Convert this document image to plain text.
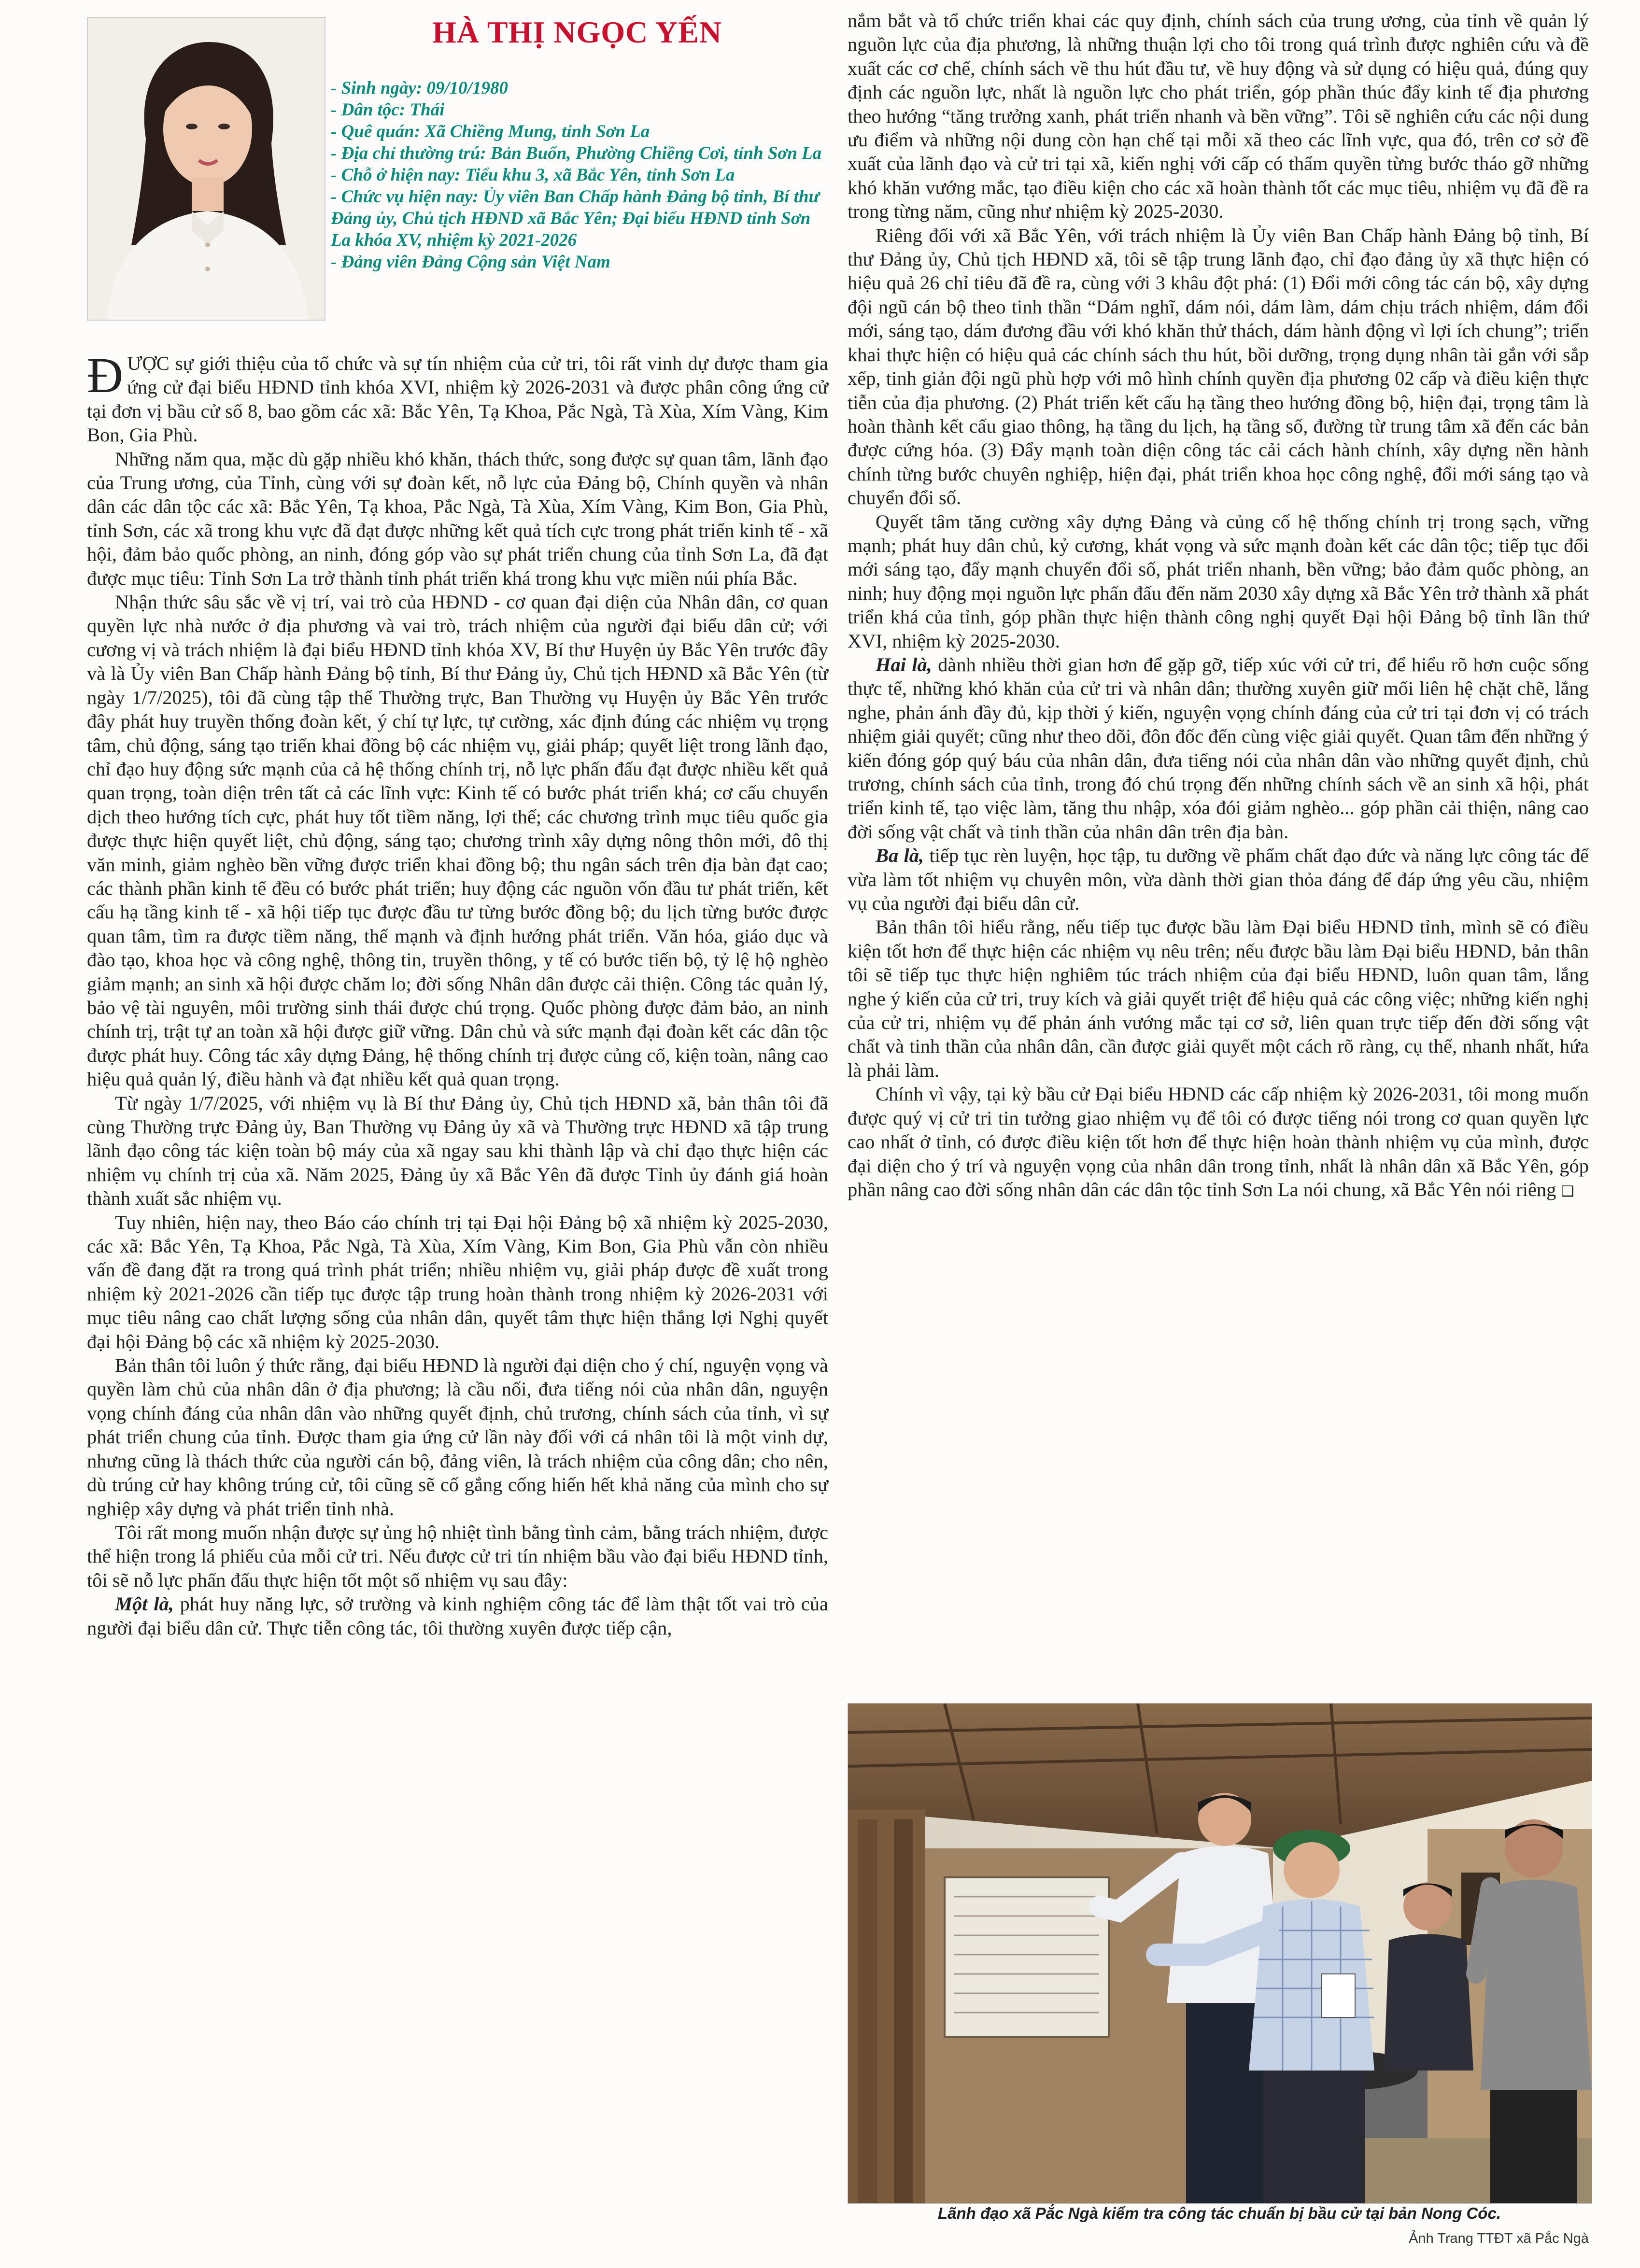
HÀ THỊ NGỌC YẾN
- Sinh ngày: 09/10/1980
- Dân tộc: Thái
- Quê quán: Xã Chiềng Mung, tỉnh Sơn La
- Địa chỉ thường trú: Bản Buổn, Phường Chiềng Cơi, tỉnh Sơn La
- Chỗ ở hiện nay: Tiểu khu 3, xã Bắc Yên, tỉnh Sơn La
- Chức vụ hiện nay: Ủy viên Ban Chấp hành Đảng bộ tỉnh, Bí thư Đảng ủy, Chủ tịch HĐND xã Bắc Yên; Đại biểu HĐND tỉnh Sơn La khóa XV, nhiệm kỳ 2021-2026
- Đảng viên Đảng Cộng sản Việt Nam

ĐƯỢC sự giới thiệu của tổ chức và sự tín nhiệm của cử tri, tôi rất vinh dự được tham gia ứng cử đại biểu HĐND tỉnh khóa XVI, nhiệm kỳ 2026-2031 và được phân công ứng cử tại đơn vị bầu cử số 8, bao gồm các xã: Bắc Yên, Tạ Khoa, Pắc Ngà, Tà Xùa, Xím Vàng, Kim Bon, Gia Phù.

Những năm qua, mặc dù gặp nhiều khó khăn, thách thức, song được sự quan tâm, lãnh đạo của Trung ương, của Tỉnh, cùng với sự đoàn kết, nỗ lực của Đảng bộ, Chính quyền và nhân dân các dân tộc các xã: Bắc Yên, Tạ khoa, Pắc Ngà, Tà Xùa, Xím Vàng, Kim Bon, Gia Phù, tỉnh Sơn, các xã trong khu vực đã đạt được những kết quả tích cực trong phát triển kinh tế - xã hội, đảm bảo quốc phòng, an ninh, đóng góp vào sự phát triển chung của tỉnh Sơn La, đã đạt được mục tiêu: Tỉnh Sơn La trở thành tỉnh phát triển khá trong khu vực miền núi phía Bắc.

Nhận thức sâu sắc về vị trí, vai trò của HĐND - cơ quan đại diện của Nhân dân, cơ quan quyền lực nhà nước ở địa phương và vai trò, trách nhiệm của người đại biểu dân cử; với cương vị và trách nhiệm là đại biểu HĐND tỉnh khóa XV, Bí thư Huyện ủy Bắc Yên trước đây và là Ủy viên Ban Chấp hành Đảng bộ tỉnh, Bí thư Đảng ủy, Chủ tịch HĐND xã Bắc Yên (từ ngày 1/7/2025), tôi đã cùng tập thể Thường trực, Ban Thường vụ Huyện ủy Bắc Yên trước đây phát huy truyền thống đoàn kết, ý chí tự lực, tự cường, xác định đúng các nhiệm vụ trọng tâm, chủ động, sáng tạo triển khai đồng bộ các nhiệm vụ, giải pháp; quyết liệt trong lãnh đạo, chỉ đạo huy động sức mạnh của cả hệ thống chính trị, nỗ lực phấn đấu đạt được nhiều kết quả quan trọng, toàn diện trên tất cả các lĩnh vực: Kinh tế có bước phát triển khá; cơ cấu chuyển dịch theo hướng tích cực, phát huy tốt tiềm năng, lợi thế; các chương trình mục tiêu quốc gia được thực hiện quyết liệt, chủ động, sáng tạo; chương trình xây dựng nông thôn mới, đô thị văn minh, giảm nghèo bền vững được triển khai đồng bộ; thu ngân sách trên địa bàn đạt cao; các thành phần kinh tế đều có bước phát triển; huy động các nguồn vốn đầu tư phát triển, kết cấu hạ tầng kinh tế - xã hội tiếp tục được đầu tư từng bước đồng bộ; du lịch từng bước được quan tâm, tìm ra được tiềm năng, thế mạnh và định hướng phát triển. Văn hóa, giáo dục và đào tạo, khoa học và công nghệ, thông tin, truyền thông, y tế có bước tiến bộ, tỷ lệ hộ nghèo giảm mạnh; an sinh xã hội được chăm lo; đời sống Nhân dân được cải thiện. Công tác quản lý, bảo vệ tài nguyên, môi trường sinh thái được chú trọng. Quốc phòng được đảm bảo, an ninh chính trị, trật tự an toàn xã hội được giữ vững. Dân chủ và sức mạnh đại đoàn kết các dân tộc được phát huy. Công tác xây dựng Đảng, hệ thống chính trị được củng cố, kiện toàn, nâng cao hiệu quả quản lý, điều hành và đạt nhiều kết quả quan trọng.

Từ ngày 1/7/2025, với nhiệm vụ là Bí thư Đảng ủy, Chủ tịch HĐND xã, bản thân tôi đã cùng Thường trực Đảng ủy, Ban Thường vụ Đảng ủy xã và Thường trực HĐND xã tập trung lãnh đạo công tác kiện toàn bộ máy của xã ngay sau khi thành lập và chỉ đạo thực hiện các nhiệm vụ chính trị của xã. Năm 2025, Đảng ủy xã Bắc Yên đã được Tỉnh ủy đánh giá hoàn thành xuất sắc nhiệm vụ.

Tuy nhiên, hiện nay, theo Báo cáo chính trị tại Đại hội Đảng bộ xã nhiệm kỳ 2025-2030, các xã: Bắc Yên, Tạ Khoa, Pắc Ngà, Tà Xùa, Xím Vàng, Kim Bon, Gia Phù vẫn còn nhiều vấn đề đang đặt ra trong quá trình phát triển; nhiều nhiệm vụ, giải pháp được đề xuất trong nhiệm kỳ 2021-2026 cần tiếp tục được tập trung hoàn thành trong nhiệm kỳ 2026-2031 với mục tiêu nâng cao chất lượng sống của nhân dân, quyết tâm thực hiện thắng lợi Nghị quyết đại hội Đảng bộ các xã nhiệm kỳ 2025-2030.

Bản thân tôi luôn ý thức rằng, đại biểu HĐND là người đại diện cho ý chí, nguyện vọng và quyền làm chủ của nhân dân ở địa phương; là cầu nối, đưa tiếng nói của nhân dân, nguyện vọng chính đáng của nhân dân vào những quyết định, chủ trương, chính sách của tỉnh, vì sự phát triển chung của tỉnh. Được tham gia ứng cử lần này đối với cá nhân tôi là một vinh dự, nhưng cũng là thách thức của người cán bộ, đảng viên, là trách nhiệm của công dân; cho nên, dù trúng cử hay không trúng cử, tôi cũng sẽ cố gắng cống hiến hết khả năng của mình cho sự nghiệp xây dựng và phát triển tỉnh nhà.

Tôi rất mong muốn nhận được sự ủng hộ nhiệt tình bằng tình cảm, bằng trách nhiệm, được thể hiện trong lá phiếu của mỗi cử tri. Nếu được cử tri tín nhiệm bầu vào đại biểu HĐND tỉnh, tôi sẽ nỗ lực phấn đấu thực hiện tốt một số nhiệm vụ sau đây:

Một là, phát huy năng lực, sở trường và kinh nghiệm công tác để làm thật tốt vai trò của người đại biểu dân cử. Thực tiễn công tác, tôi thường xuyên được tiếp cận,

nắm bắt và tổ chức triển khai các quy định, chính sách của trung ương, của tỉnh về quản lý nguồn lực của địa phương, là những thuận lợi cho tôi trong quá trình được nghiên cứu và đề xuất các cơ chế, chính sách về thu hút đầu tư, về huy động và sử dụng có hiệu quả, đúng quy định các nguồn lực, nhất là nguồn lực cho phát triển, góp phần thúc đẩy kinh tế địa phương theo hướng “tăng trưởng xanh, phát triển nhanh và bền vững”. Tôi sẽ nghiên cứu các nội dung ưu điểm và những nội dung còn hạn chế tại mỗi xã theo các lĩnh vực, qua đó, trên cơ sở đề xuất của lãnh đạo và cử tri tại xã, kiến nghị với cấp có thẩm quyền từng bước tháo gỡ những khó khăn vướng mắc, tạo điều kiện cho các xã hoàn thành tốt các mục tiêu, nhiệm vụ đã đề ra trong từng năm, cũng như nhiệm kỳ 2025-2030.

Riêng đối với xã Bắc Yên, với trách nhiệm là Ủy viên Ban Chấp hành Đảng bộ tỉnh, Bí thư Đảng ủy, Chủ tịch HĐND xã, tôi sẽ tập trung lãnh đạo, chỉ đạo đảng ủy xã thực hiện có hiệu quả 26 chỉ tiêu đã đề ra, cùng với 3 khâu đột phá: (1) Đổi mới công tác cán bộ, xây dựng đội ngũ cán bộ theo tinh thần “Dám nghĩ, dám nói, dám làm, dám chịu trách nhiệm, dám đổi mới, sáng tạo, dám đương đầu với khó khăn thử thách, dám hành động vì lợi ích chung”; triển khai thực hiện có hiệu quả các chính sách thu hút, bồi dưỡng, trọng dụng nhân tài gắn với sắp xếp, tinh giản đội ngũ phù hợp với mô hình chính quyền địa phương 02 cấp và điều kiện thực tiễn của địa phương. (2) Phát triển kết cấu hạ tầng theo hướng đồng bộ, hiện đại, trọng tâm là hoàn thành kết cấu giao thông, hạ tầng du lịch, hạ tầng số, đường từ trung tâm xã đến các bản được cứng hóa. (3) Đẩy mạnh toàn diện công tác cải cách hành chính, xây dựng nền hành chính từng bước chuyên nghiệp, hiện đại, phát triển khoa học công nghệ, đổi mới sáng tạo và chuyển đổi số.

Quyết tâm tăng cường xây dựng Đảng và củng cố hệ thống chính trị trong sạch, vững mạnh; phát huy dân chủ, kỷ cương, khát vọng và sức mạnh đoàn kết các dân tộc; tiếp tục đổi mới sáng tạo, đẩy mạnh chuyển đổi số, phát triển nhanh, bền vững; bảo đảm quốc phòng, an ninh; huy động mọi nguồn lực phấn đấu đến năm 2030 xây dựng xã Bắc Yên trở thành xã phát triển khá của tỉnh, góp phần thực hiện thành công nghị quyết Đại hội Đảng bộ tỉnh lần thứ XVI, nhiệm kỳ 2025-2030.

Hai là, dành nhiều thời gian hơn để gặp gỡ, tiếp xúc với cử tri, để hiểu rõ hơn cuộc sống thực tế, những khó khăn của cử tri và nhân dân; thường xuyên giữ mối liên hệ chặt chẽ, lắng nghe, phản ánh đầy đủ, kịp thời ý kiến, nguyện vọng chính đáng của cử tri tại đơn vị có trách nhiệm giải quyết; cũng như theo dõi, đôn đốc đến cùng việc giải quyết. Quan tâm đến những ý kiến đóng góp quý báu của nhân dân, đưa tiếng nói của nhân dân vào những quyết định, chủ trương, chính sách của tỉnh, trong đó chú trọng đến những chính sách về an sinh xã hội, phát triển kinh tế, tạo việc làm, tăng thu nhập, xóa đói giảm nghèo... góp phần cải thiện, nâng cao đời sống vật chất và tinh thần của nhân dân trên địa bàn.

Ba là, tiếp tục rèn luyện, học tập, tu dưỡng về phẩm chất đạo đức và năng lực công tác để vừa làm tốt nhiệm vụ chuyên môn, vừa dành thời gian thỏa đáng để đáp ứng yêu cầu, nhiệm vụ của người đại biểu dân cử.

Bản thân tôi hiểu rằng, nếu tiếp tục được bầu làm Đại biểu HĐND tỉnh, mình sẽ có điều kiện tốt hơn để thực hiện các nhiệm vụ nêu trên; nếu được bầu làm Đại biểu HĐND, bản thân tôi sẽ tiếp tục thực hiện nghiêm túc trách nhiệm của đại biểu HĐND, luôn quan tâm, lắng nghe ý kiến của cử tri, truy kích và giải quyết triệt để hiệu quả các công việc; những kiến nghị của cử tri, nhiệm vụ để phản ánh vướng mắc tại cơ sở, liên quan trực tiếp đến đời sống vật chất và tinh thần của nhân dân, cần được giải quyết một cách rõ ràng, cụ thể, nhanh nhất, hứa là phải làm.

Chính vì vậy, tại kỳ bầu cử Đại biểu HĐND các cấp nhiệm kỳ 2026-2031, tôi mong muốn được quý vị cử tri tin tưởng giao nhiệm vụ để tôi có được tiếng nói trong cơ quan quyền lực cao nhất ở tỉnh, có được điều kiện tốt hơn để thực hiện hoàn thành nhiệm vụ của mình, được đại diện cho ý trí và nguyện vọng của nhân dân trong tỉnh, nhất là nhân dân xã Bắc Yên, góp phần nâng cao đời sống nhân dân các dân tộc tỉnh Sơn La nói chung, xã Bắc Yên nói riêng ❑

Lãnh đạo xã Pắc Ngà kiểm tra công tác chuẩn bị bầu cử tại bản Nong Cóc.

Ảnh Trang TTĐT xã Pắc Ngà
